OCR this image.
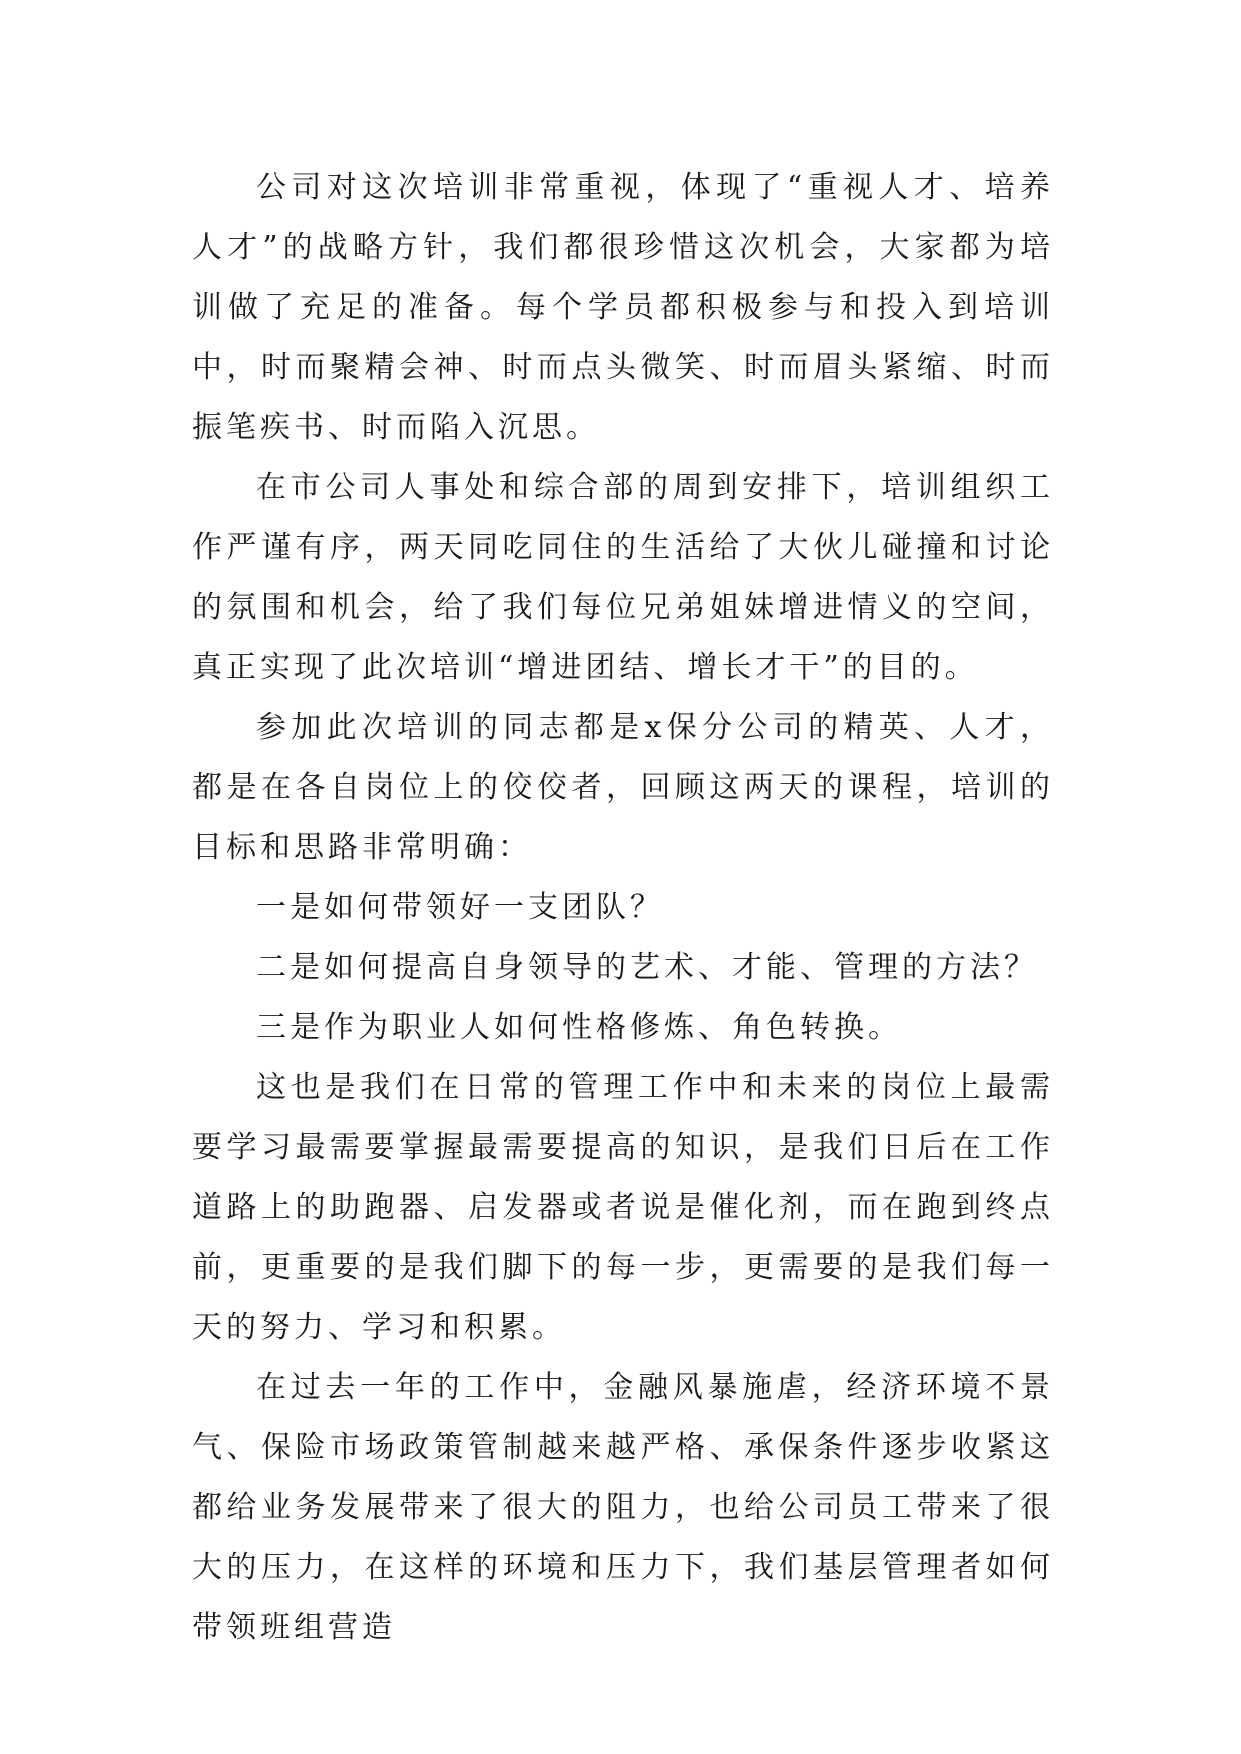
公司对这次培训非常重视，体现了“重视人才、培养人才”的战略方针，我们都很珍惜这次机会，大家都为培训做了充足的准备。每个学员都积极参与和投入到培训中，时而聚精会神、时而点头微笑、时而眉头紧缩、时而振笔疾书、时而陷入沉思。

在市公司人事处和综合部的周到安排下，培训组织工作严谨有序，两天同吃同住的生活给了大伙儿碰撞和讨论的氛围和机会，给了我们每位兄弟姐妹增进情义的空间，真正实现了此次培训“增进团结、增长才干”的目的。

参加此次培训的同志都是x保分公司的精英、人才，都是在各自岗位上的佼佼者，回顾这两天的课程，培训的目标和思路非常明确：

一是如何带领好一支团队？

二是如何提高自身领导的艺术、才能、管理的方法？

三是作为职业人如何性格修炼、角色转换。

这也是我们在日常的管理工作中和未来的岗位上最需要学习最需要掌握最需要提高的知识，是我们日后在工作道路上的助跑器、启发器或者说是催化剂，而在跑到终点前，更重要的是我们脚下的每一步，更需要的是我们每一天的努力、学习和积累。

在过去一年的工作中，金融风暴施虐，经济环境不景气、保险市场政策管制越来越严格、承保条件逐步收紧这都给业务发展带来了很大的阻力，也给公司员工带来了很大的压力，在这样的环境和压力下，我们基层管理者如何带领班组营造
